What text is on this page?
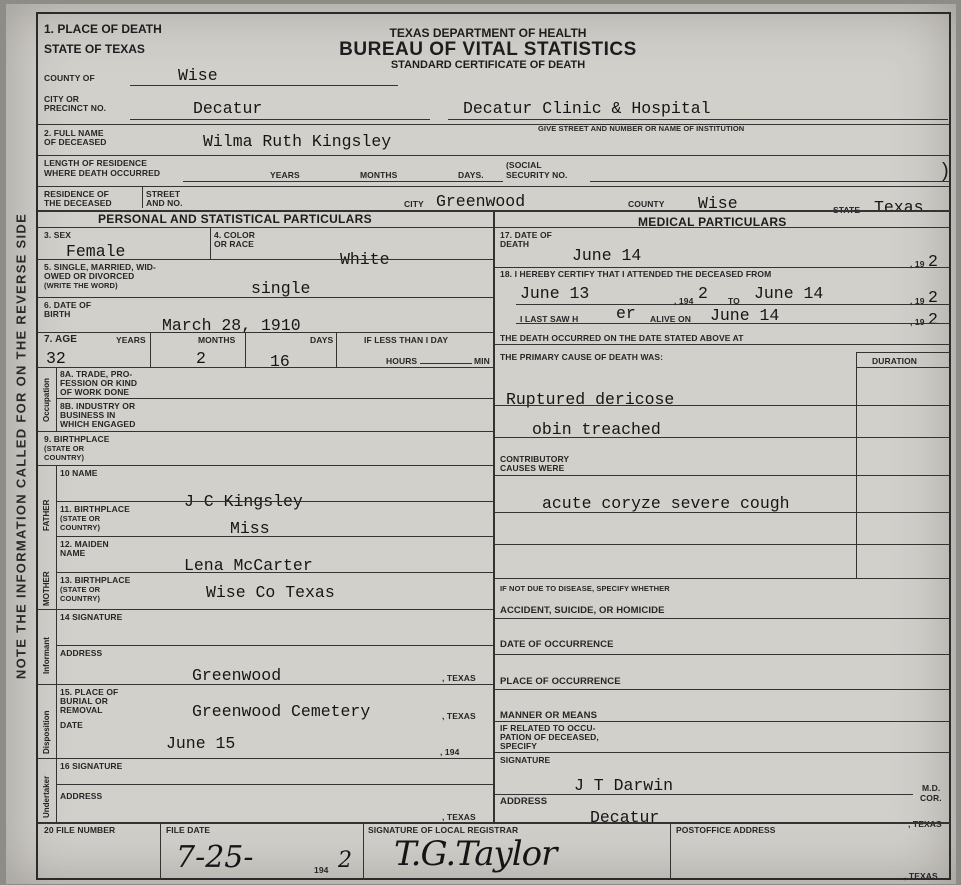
NOTE THE INFORMATION CALLED FOR ON THE REVERSE SIDE
TEXAS DEPARTMENT OF HEALTH
BUREAU OF VITAL STATISTICS
STANDARD CERTIFICATE OF DEATH
1. PLACE OF DEATH
STATE OF TEXAS
COUNTY OF	Wise
CITY OR
PRECINCT NO.	Decatur	Decatur Clinic & Hospital
GIVE STREET AND NUMBER OR NAME OF INSTITUTION
2. FULL NAME
OF DECEASED	Wilma Ruth Kingsley
LENGTH OF RESIDENCE
WHERE DEATH OCCURRED	YEARS	MONTHS	DAYS.
(SOCIAL
SECURITY NO.	)
RESIDENCE OF
THE DECEASED
STREET
AND NO.	CITY Greenwood	COUNTY Wise	STATE Texas
PERSONAL AND STATISTICAL PARTICULARS	MEDICAL PARTICULARS
3. SEX
Female
4. COLOR
OR RACE
White
5. SINGLE, MARRIED, WID-
OWED OR DIVORCED
(WRITE THE WORD)	single
6. DATE OF
BIRTH
March 28, 1910
7. AGE	YEARS	MONTHS	DAYS	IF LESS THAN I DAY
HOURS	MIN
32	2	16
Occupation
8A. TRADE, PRO-
FESSION OR KIND
OF WORK DONE
8B. INDUSTRY OR
BUSINESS IN
WHICH ENGAGED
9. BIRTHPLACE
(STATE OR
COUNTRY)
FATHER
MOTHER
10 NAME
J C Kingsley
11. BIRTHPLACE
(STATE OR
COUNTRY)	Miss
12. MAIDEN
NAME
Lena McCarter
13. BIRTHPLACE
(STATE OR
COUNTRY)	Wise Co Texas
Informant
14 SIGNATURE
ADDRESS
Greenwood	, TEXAS
Disposition
15. PLACE OF
BURIAL OR
REMOVAL	Greenwood Cemetery	, TEXAS
DATE
June 15	, 194
Undertaker
16 SIGNATURE
ADDRESS
, TEXAS
17. DATE OF
DEATH
June 14	, 19 2
18. I HEREBY CERTIFY THAT I ATTENDED THE DECEASED FROM
June 13	, 194 2 TO June 14	, 19 2
I LAST SAW H er ALIVE ON June 14	, 19 2
THE DEATH OCCURRED ON THE DATE STATED ABOVE AT
THE PRIMARY CAUSE OF DEATH WAS:	DURATION
Ruptured dericose
obin treached
CONTRIBUTORY
CAUSES WERE
acute coryze severe cough
IF NOT DUE TO DISEASE, SPECIFY WHETHER
ACCIDENT, SUICIDE, OR HOMICIDE
DATE OF OCCURRENCE
PLACE OF OCCURRENCE
MANNER OR MEANS
IF RELATED TO OCCU-
PATION OF DECEASED,
SPECIFY
SIGNATURE
J T Darwin	M.D.
COR.
ADDRESS
Decatur	, TEXAS
20 FILE NUMBER	FILE DATE
7-25-	194 2
SIGNATURE OF LOCAL REGISTRAR
T.G.Taylor
POSTOFFICE ADDRESS
, TEXAS
